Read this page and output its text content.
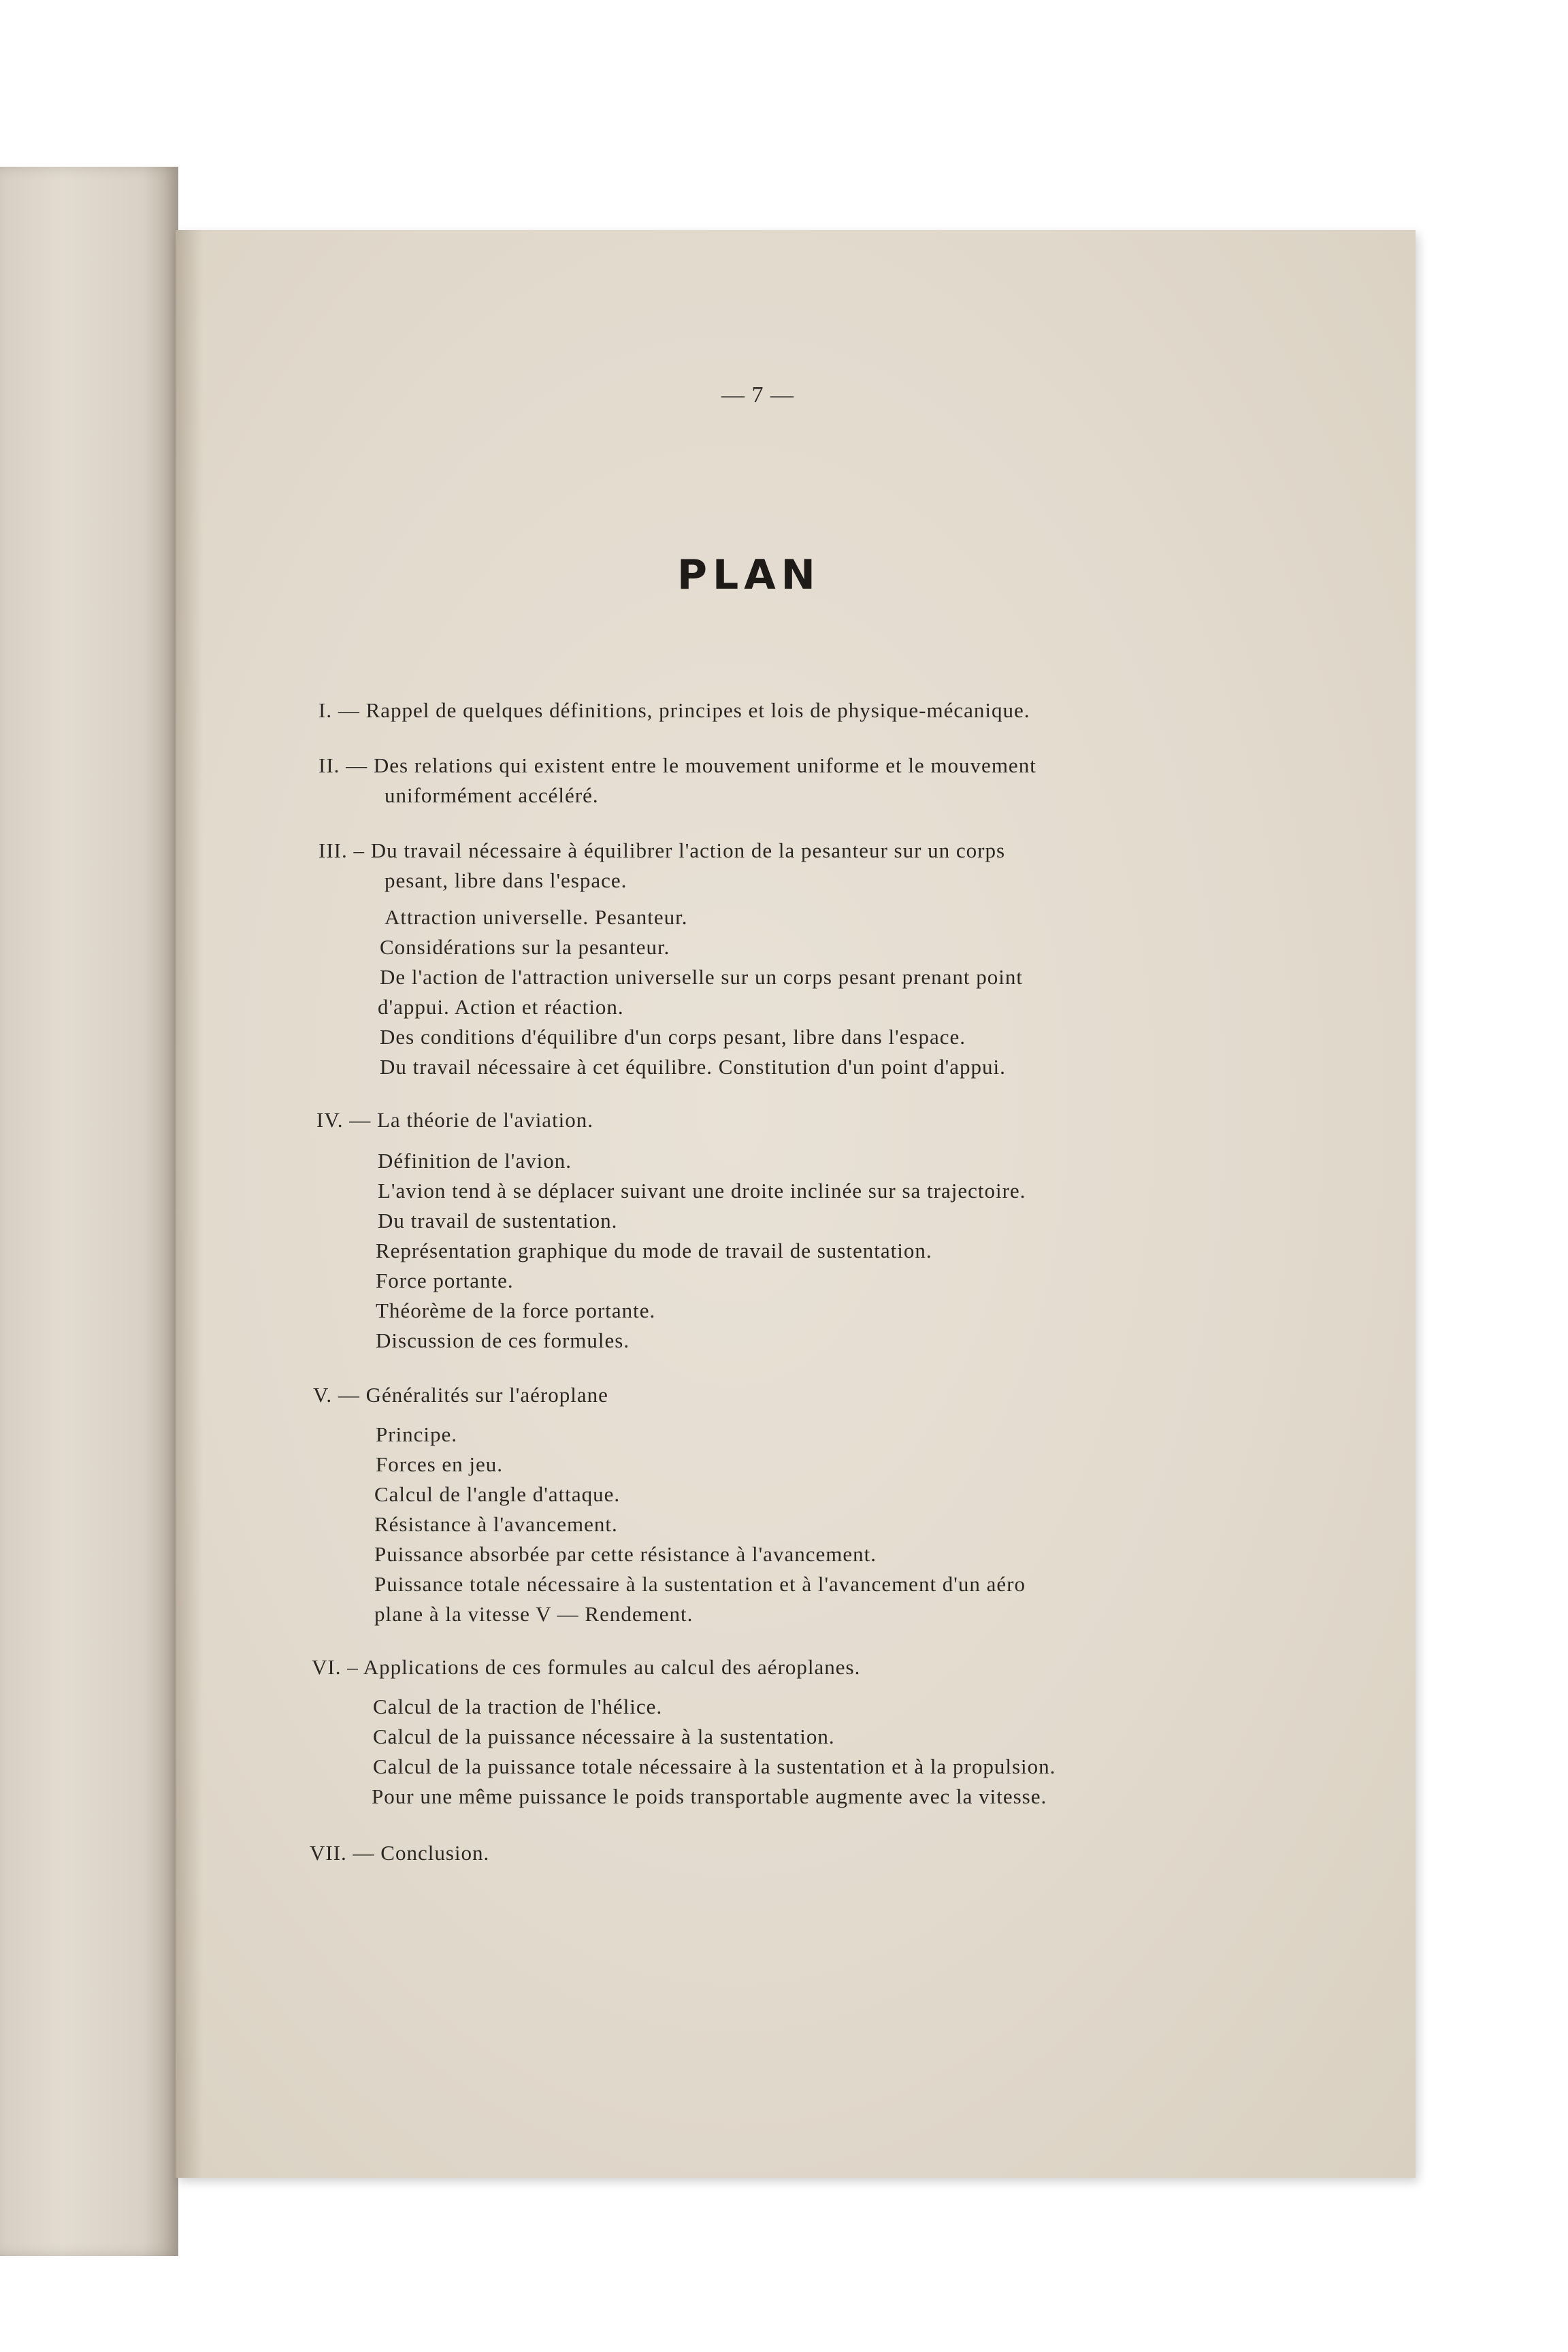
— 7 —
PLAN
I. — Rappel de quelques définitions, principes et lois de physique-mécanique.
II. — Des relations qui existent entre le mouvement uniforme et le mouvement
uniformément accéléré.
III. – Du travail nécessaire à équilibrer l'action de la pesanteur sur un corps
pesant, libre dans l'espace.
Attraction universelle. Pesanteur.
Considérations sur la pesanteur.
De l'action de l'attraction universelle sur un corps pesant prenant point
d'appui. Action et réaction.
Des conditions d'équilibre d'un corps pesant, libre dans l'espace.
Du travail nécessaire à cet équilibre. Constitution d'un point d'appui.
IV. — La théorie de l'aviation.
Définition de l'avion.
L'avion tend à se déplacer suivant une droite inclinée sur sa trajectoire.
Du travail de sustentation.
Représentation graphique du mode de travail de sustentation.
Force portante.
Théorème de la force portante.
Discussion de ces formules.
V. — Généralités sur l'aéroplane
Principe.
Forces en jeu.
Calcul de l'angle d'attaque.
Résistance à l'avancement.
Puissance absorbée par cette résistance à l'avancement.
Puissance totale nécessaire à la sustentation et à l'avancement d'un aéro
plane à la vitesse V — Rendement.
VI. – Applications de ces formules au calcul des aéroplanes.
Calcul de la traction de l'hélice.
Calcul de la puissance nécessaire à la sustentation.
Calcul de la puissance totale nécessaire à la sustentation et à la propulsion.
Pour une même puissance le poids transportable augmente avec la vitesse.
VII. — Conclusion.
